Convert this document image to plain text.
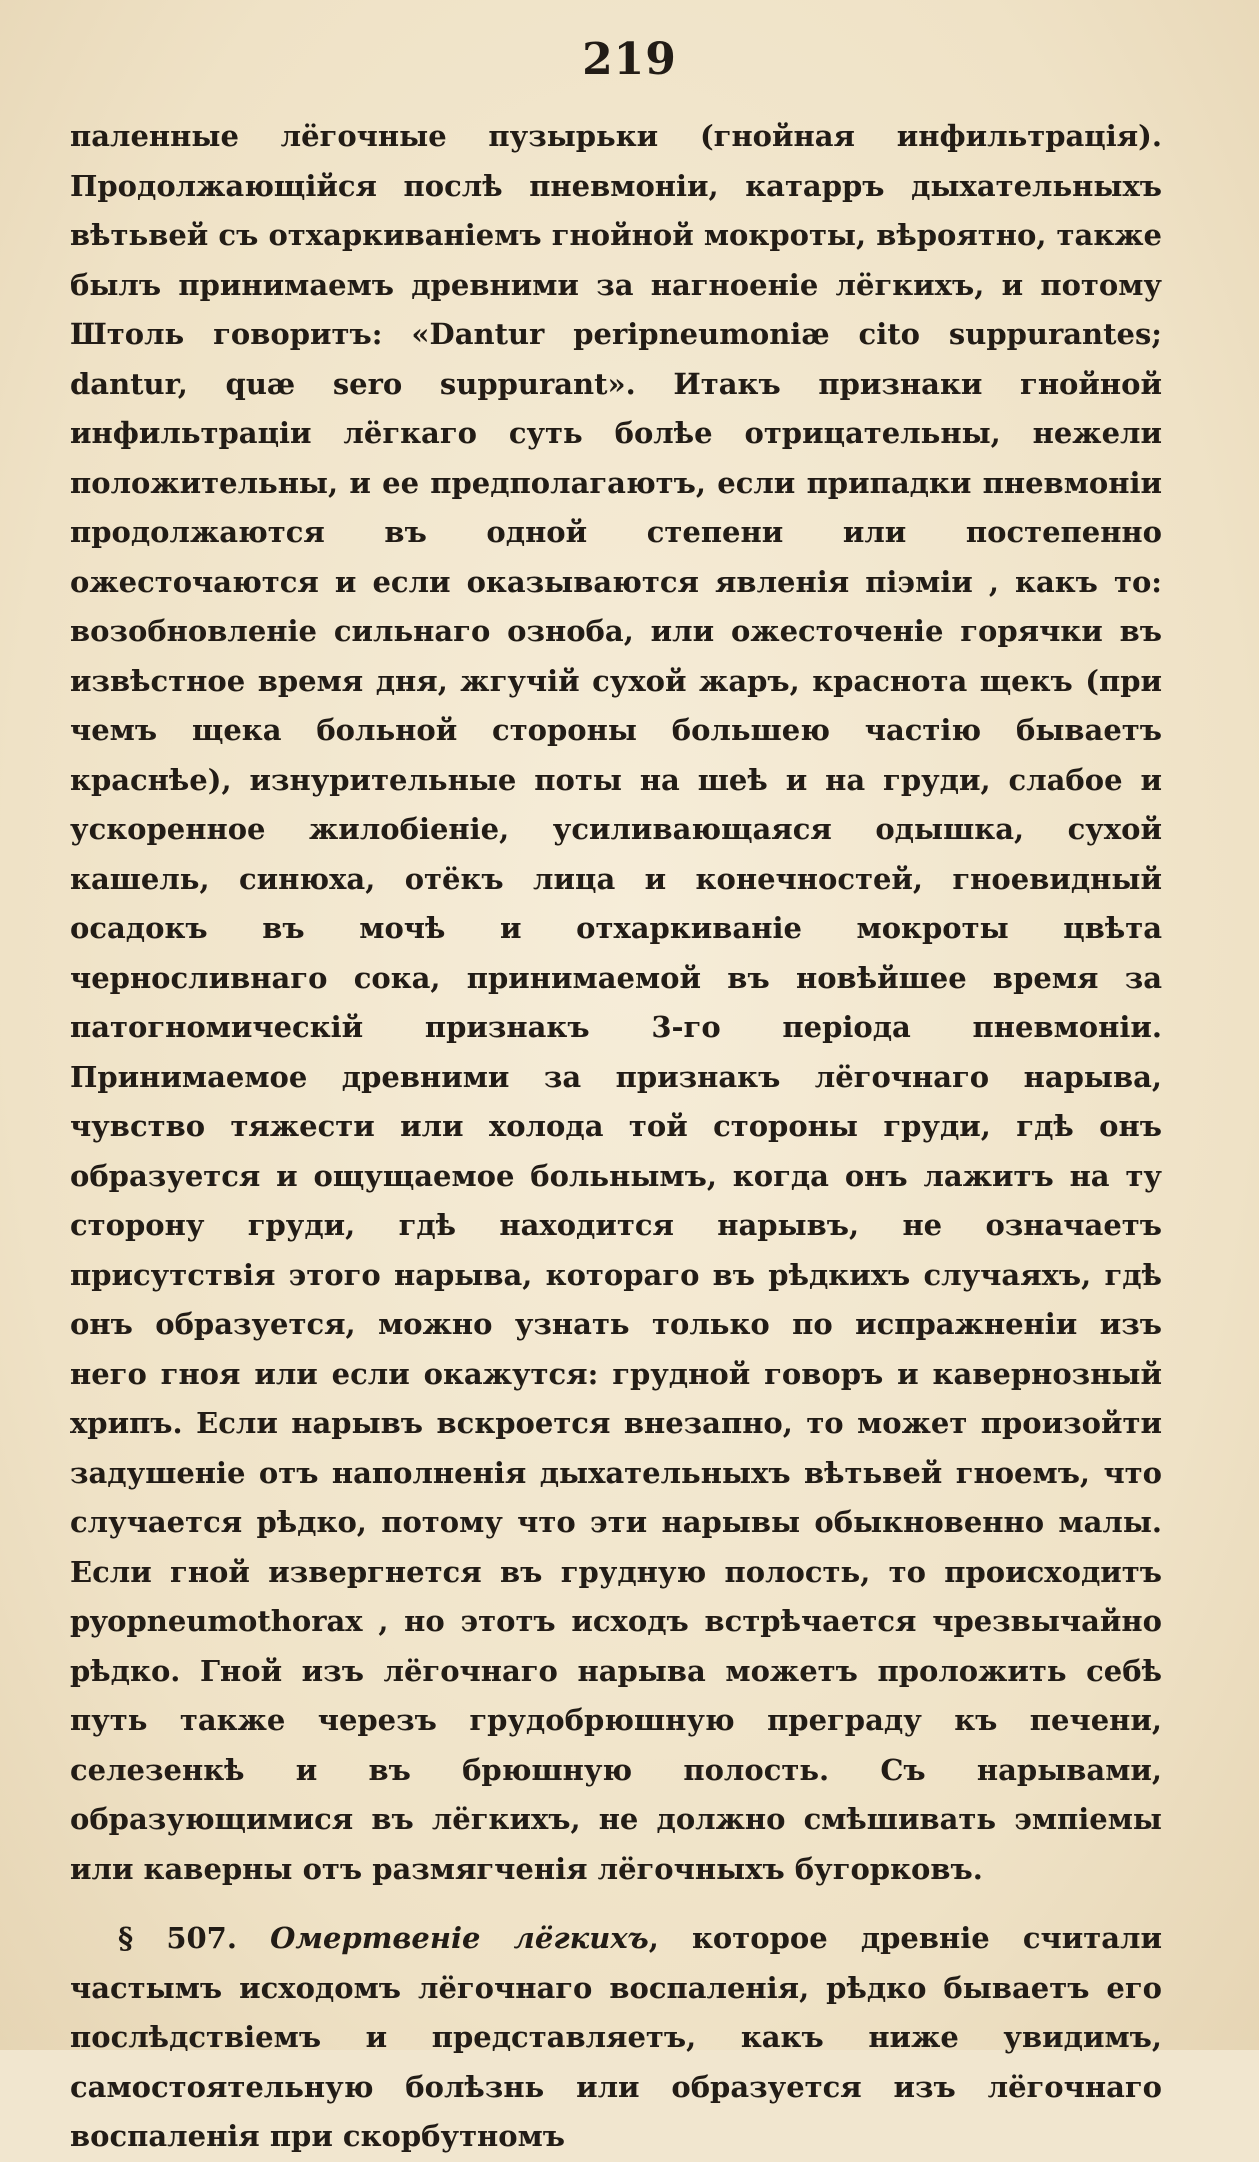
219

паленные лёгочные пузырьки (гнойная инфильтрація). Продолжающійся послѣ пневмоніи, катарръ дыхательныхъ вѣтьвей съ отхаркиваніемъ гнойной мокроты, вѣроятно, также былъ принимаемъ древними за нагноеніе лёгкихъ, и потому Штоль говоритъ: «Dantur peripneumoniæ cito suppurantes; dantur, quæ sero suppurant». Итакъ признаки гнойной инфильтраціи лёгкаго суть болѣе отрицательны, нежели положительны, и ее предполагаютъ, если припадки пневмоніи продолжаются въ одной степени или постепенно ожесточаются и если оказываются явленія піэміи , какъ то: возобновленіе сильнаго озноба, или ожесточеніе горячки въ извѣстное время дня, жгучій сухой жаръ, краснота щекъ (при чемъ щека больной стороны большею частію бываетъ краснѣе), изнурительные поты на шеѣ и на груди, слабое и ускоренное жилобіеніе, усиливающаяся одышка, сухой кашель, синюха, отёкъ лица и конечностей, гноевидный осадокъ въ мочѣ и отхаркиваніе мокроты цвѣта черносливнаго сока, принимаемой въ новѣйшее время за патогномическій признакъ 3-го періода пневмоніи. Принимаемое древними за признакъ лёгочнаго нарыва, чувство тяжести или холода той стороны груди, гдѣ онъ образуется и ощущаемое больнымъ, когда онъ лажитъ на ту сторону груди, гдѣ находится нарывъ, не означаетъ присутствія этого нарыва, котораго въ рѣдкихъ случаяхъ, гдѣ онъ образуется, можно узнать только по испражненіи изъ него гноя или если окажутся: грудной говоръ и кавернозный хрипъ. Если нарывъ вскроется внезапно, то может произойти задушеніе отъ наполненія дыхательныхъ вѣтьвей гноемъ, что случается рѣдко, потому что эти нарывы обыкновенно малы. Если гной извергнется въ грудную полость, то происходитъ pyopneumothorax , но этотъ исходъ встрѣчается чрезвычайно рѣдко. Гной изъ лёгочнаго нарыва можетъ проложить себѣ путь также черезъ грудобрюшную преграду къ печени, селезенкѣ и въ брюшную полость. Съ нарывами, образующимися въ лёгкихъ, не должно смѣшивать эмпіемы или каверны отъ размягченія лёгочныхъ бугорковъ.

§ 507. Омертвеніе лёгкихъ, которое древніе считали частымъ исходомъ лёгочнаго воспаленія, рѣдко бываетъ его послѣдствіемъ и представляетъ, какъ ниже увидимъ, самостоятельную болѣзнь или образуется изъ лёгочнаго воспаленія при скорбутномъ
